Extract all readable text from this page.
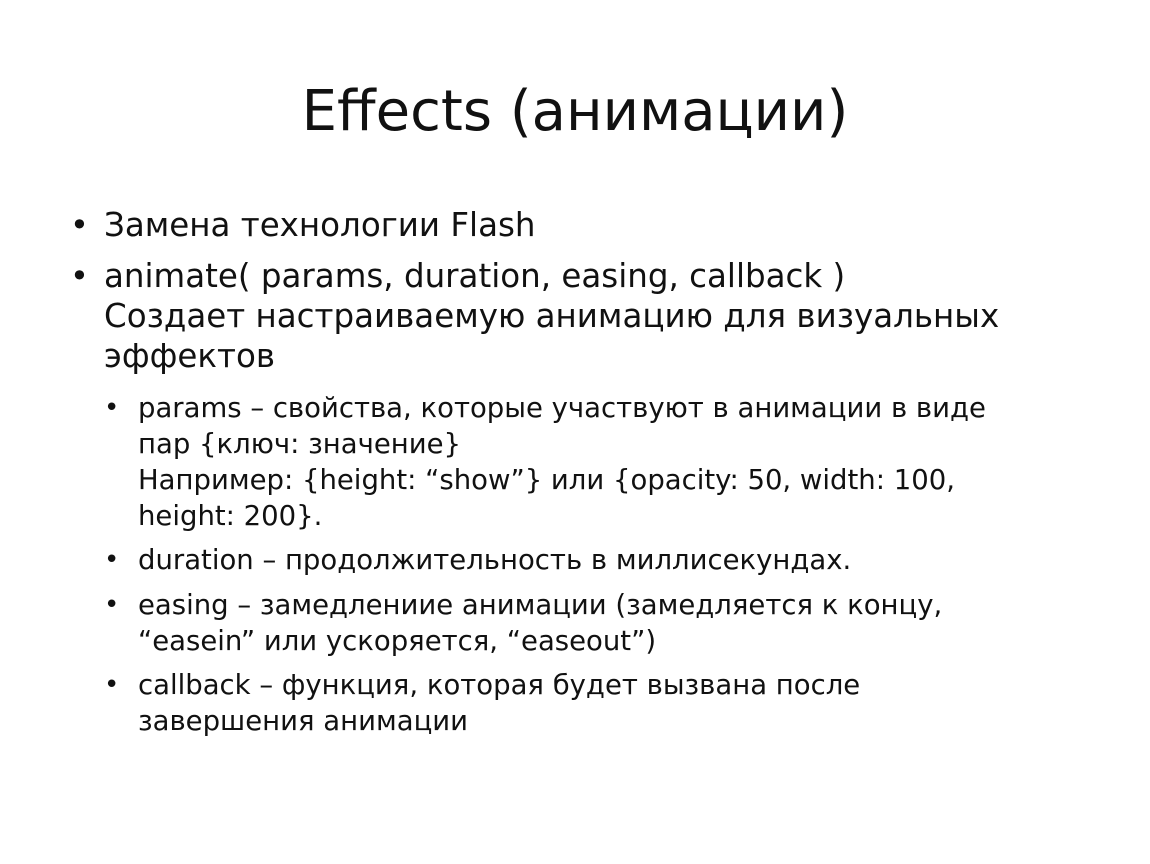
Effects (анимации)
• Замена технологии Flash
• animate( params, duration, easing, callback )
Создает настраиваемую анимацию для визуальных
эффектов
• params – свойства, которые участвуют в анимации в виде
пар {ключ: значение}
Например: {height: “show”} или {opacity: 50, width: 100,
height: 200}.
• duration – продолжительность в миллисекундах.
• easing – замедлениие анимации (замедляется к концу,
“easein” или ускоряется, “easeout”)
• callback – функция, которая будет вызвана после
завершения анимации
